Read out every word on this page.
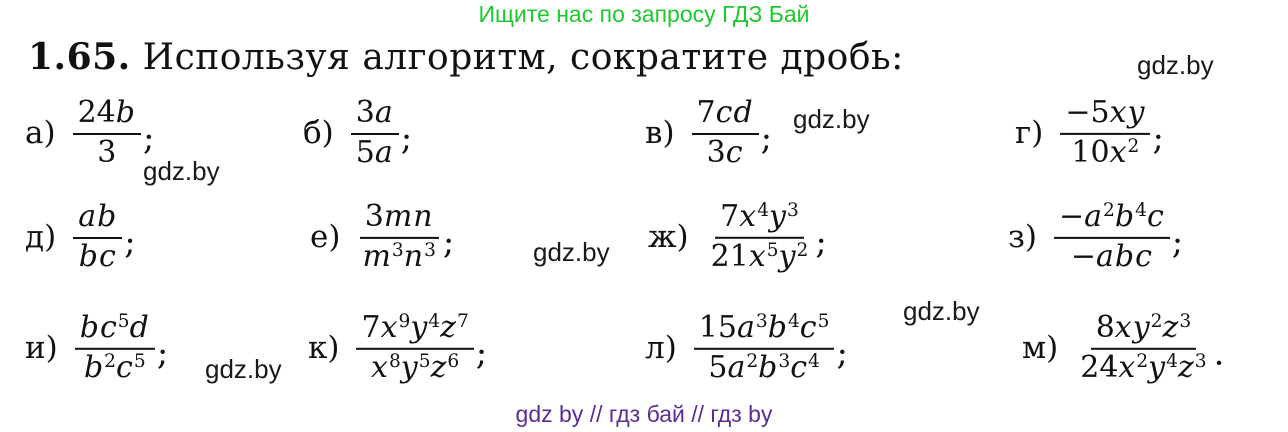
Ищите нас по запросу ГДЗ Бай
1.65. Используя алгоритм, сократите дробь:
$а) \frac{24b}{3}$ ;	$б) \frac{3a}{5a}$ ;	$в) \frac{7cd}{3c}$ ;	$г) \frac{-5xy}{10x^2}$ ;
$д) \frac{ab}{bc}$ ;	$е) \frac{3mn}{m^3n^3}$ ;	$ж) \frac{7x^4y^3}{21x^5y^2}$ ;	$з) \frac{-a^2b^4c}{\text{−abc}}$ ;
$и) \frac{bc^5d}{b^2c^5}$ ;	$к) \frac{7x^9y^4z^7}{x^8y^5z^6}$ ;	$л) \frac{15a^3b^4c^5}{5a^2b^3c^4}$ ;	$м) \frac{8xy^2z^3}{24x^2y^4z^3}$ .
gdz.by
gdz.by
gdz.by
gdz.by
gdz.by
gdz.by
gdz by // гдз бай // гдз by
